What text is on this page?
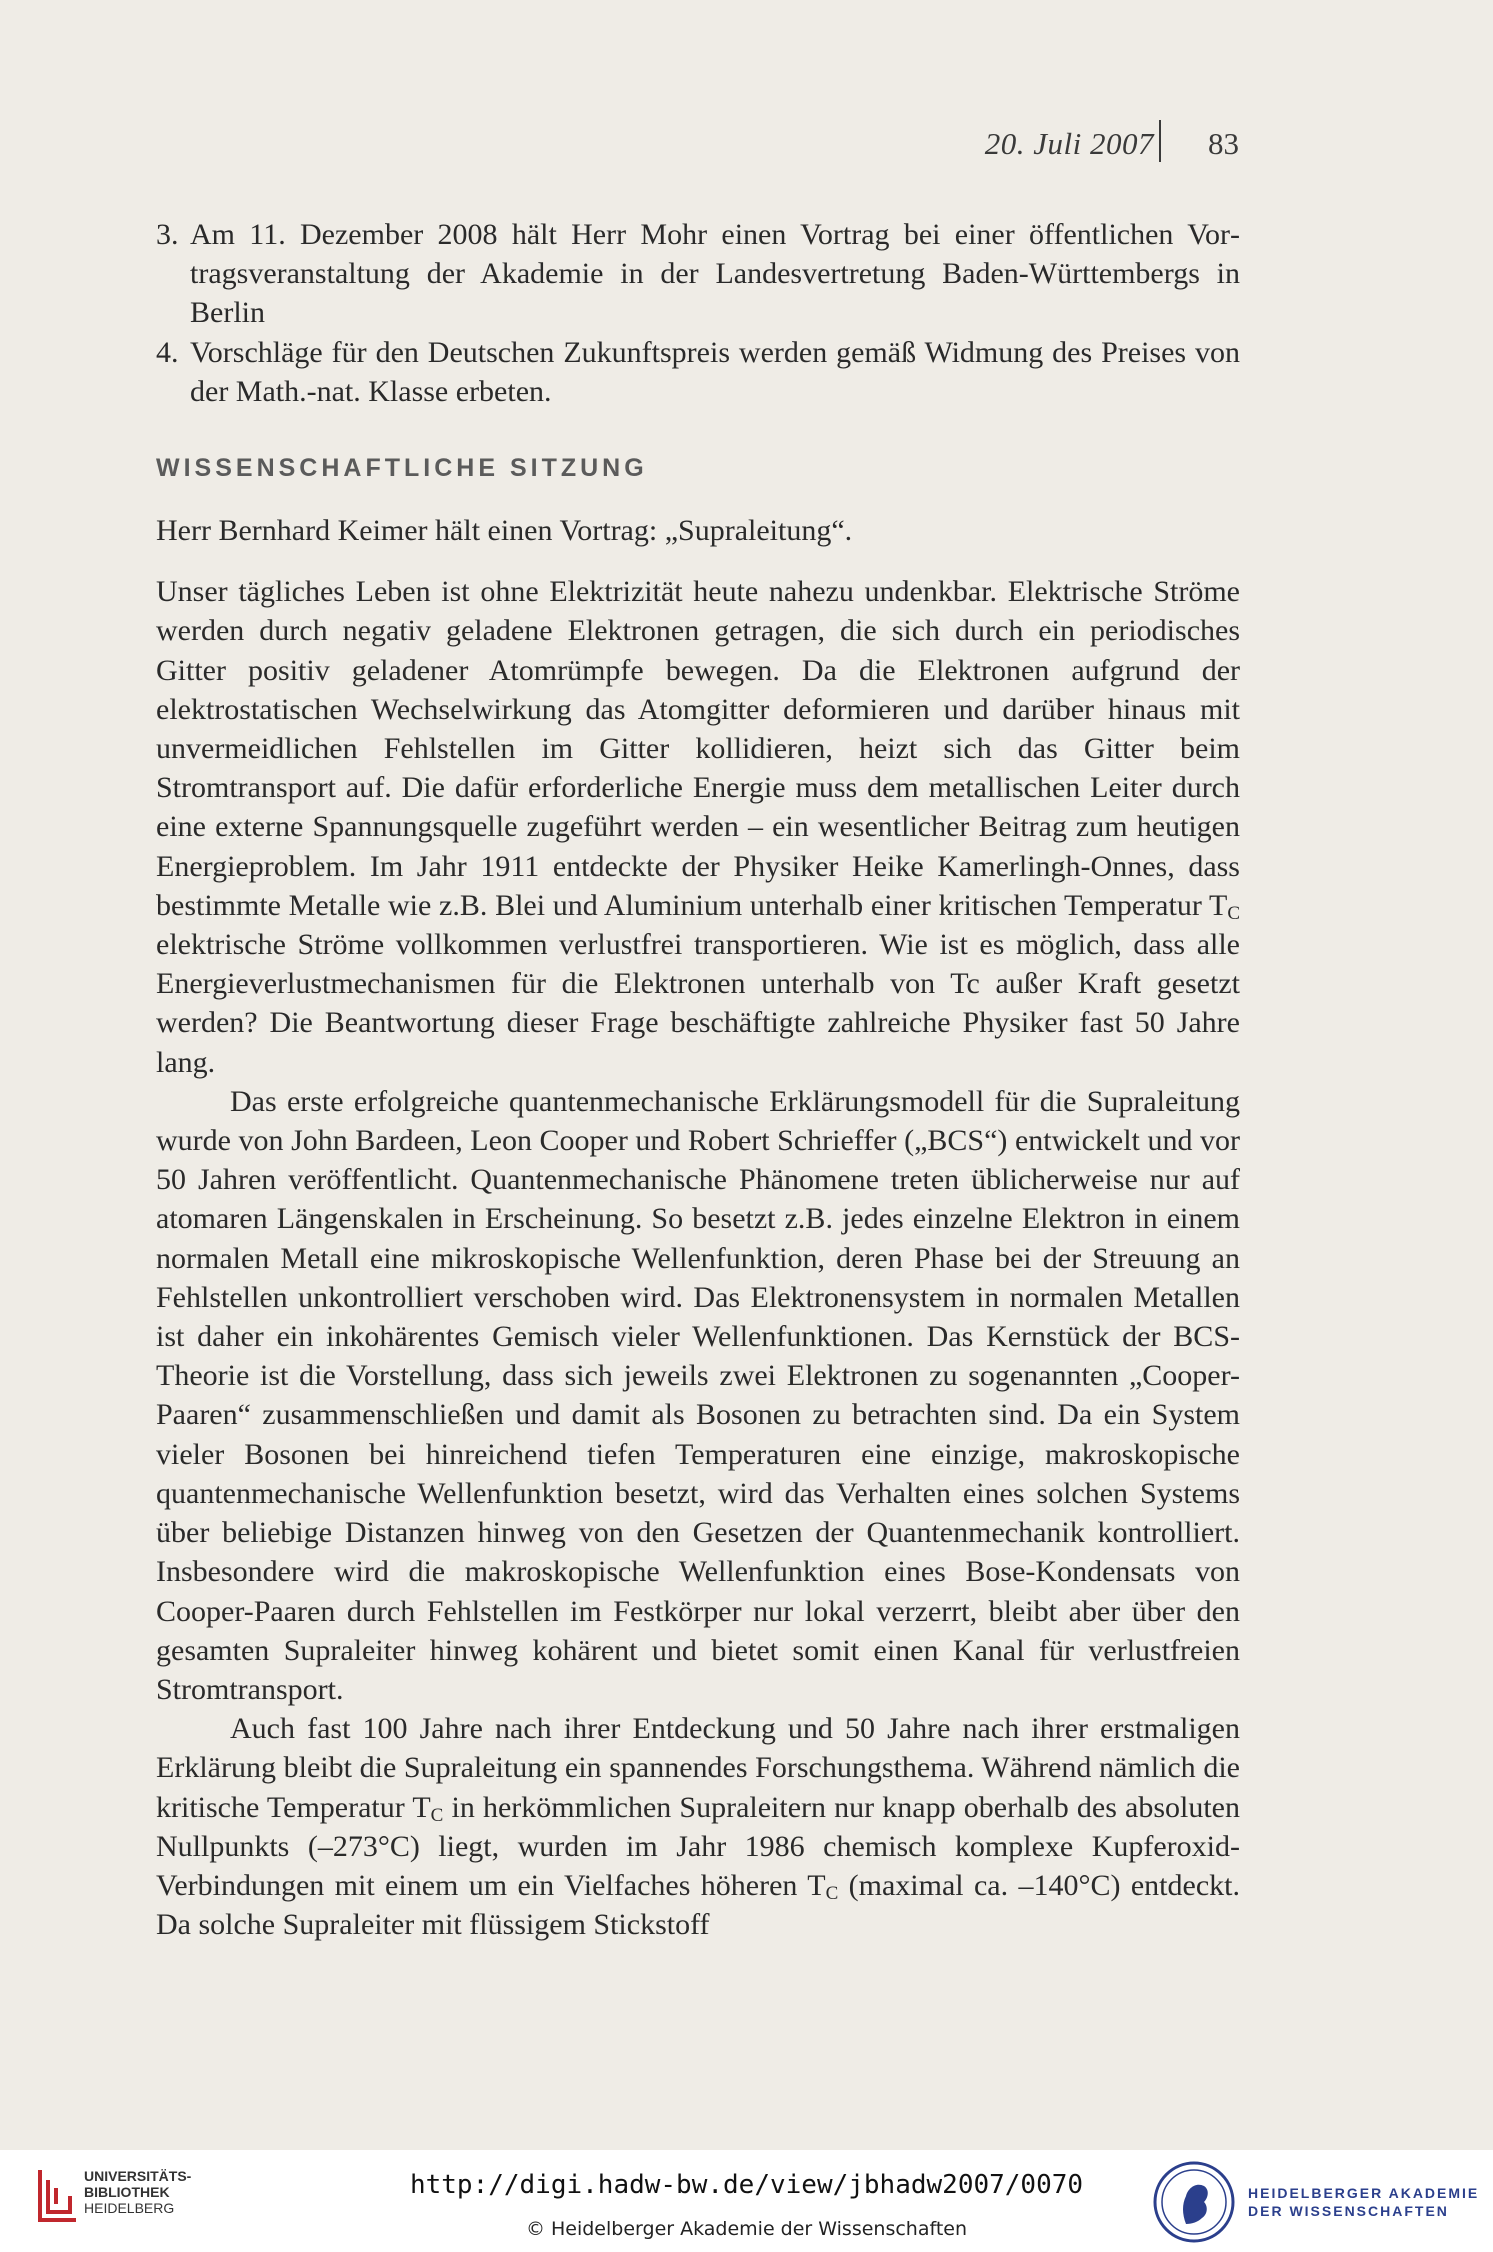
20. Juli 2007 83
3. Am 11. Dezember 2008 hält Herr Mohr einen Vortrag bei einer öffentlichen Vortragsveranstaltung der Akademie in der Landesvertretung Baden-Württembergs in Berlin
4. Vorschläge für den Deutschen Zukunftspreis werden gemäß Widmung des Preises von der Math.-nat. Klasse erbeten.
WISSENSCHAFTLICHE SITZUNG
Herr Bernhard Keimer hält einen Vortrag: „Supraleitung“.

Unser tägliches Leben ist ohne Elektrizität heute nahezu undenkbar. Elektrische Ströme werden durch negativ geladene Elektronen getragen, die sich durch ein periodisches Gitter positiv geladener Atomrümpfe bewegen. Da die Elektronen aufgrund der elektrostatischen Wechselwirkung das Atomgitter deformieren und darüber hinaus mit unvermeidlichen Fehlstellen im Gitter kollidieren, heizt sich das Gitter beim Stromtransport auf. Die dafür erforderliche Energie muss dem metallischen Leiter durch eine externe Spannungsquelle zugeführt werden – ein wesentlicher Beitrag zum heutigen Energieproblem. Im Jahr 1911 entdeckte der Physiker Heike Kamerlingh-Onnes, dass bestimmte Metalle wie z.B. Blei und Aluminium unterhalb einer kritischen Temperatur $T_C$ elektrische Ströme vollkommen verlustfrei transportieren. Wie ist es möglich, dass alle Energieverlustmechanismen für die Elektronen unterhalb von Tc außer Kraft gesetzt werden? Die Beantwortung dieser Frage beschäftigte zahlreiche Physiker fast 50 Jahre lang.

Das erste erfolgreiche quantenmechanische Erklärungsmodell für die Supraleitung wurde von John Bardeen, Leon Cooper und Robert Schrieffer („BCS“) entwickelt und vor 50 Jahren veröffentlicht. Quantenmechanische Phänomene treten üblicherweise nur auf atomaren Längenskalen in Erscheinung. So besetzt z.B. jedes einzelne Elektron in einem normalen Metall eine mikroskopische Wellenfunktion, deren Phase bei der Streuung an Fehlstellen unkontrolliert verschoben wird. Das Elektronensystem in normalen Metallen ist daher ein inkohärentes Gemisch vieler Wellenfunktionen. Das Kernstück der BCS-Theorie ist die Vorstellung, dass sich jeweils zwei Elektronen zu sogenannten „Cooper-Paaren“ zusammenschließen und damit als Bosonen zu betrachten sind. Da ein System vieler Bosonen bei hinreichend tiefen Temperaturen eine einzige, makroskopische quantenmechanische Wellenfunktion besetzt, wird das Verhalten eines solchen Systems über beliebige Distanzen hinweg von den Gesetzen der Quantenmechanik kontrolliert. Insbesondere wird die makroskopische Wellenfunktion eines Bose-Kondensats von Cooper-Paaren durch Fehlstellen im Festkörper nur lokal verzerrt, bleibt aber über den gesamten Supraleiter hinweg kohärent und bietet somit einen Kanal für verlustfreien Stromtransport.

Auch fast 100 Jahre nach ihrer Entdeckung und 50 Jahre nach ihrer erstmaligen Erklärung bleibt die Supraleitung ein spannendes Forschungsthema. Während nämlich die kritische Temperatur $T_C$ in herkömmlichen Supraleitern nur knapp oberhalb des absoluten Nullpunkts (–273°C) liegt, wurden im Jahr 1986 chemisch komplexe Kupferoxid-Verbindungen mit einem um ein Vielfaches höheren $T_C$ (maximal ca. –140°C) entdeckt. Da solche Supraleiter mit flüssigem Stickstoff

UNIVERSITÄTS-
BIBLIOTHEK
HEIDELBERG
http://digi.hadw-bw.de/view/jbhadw2007/0070
© Heidelberger Akademie der Wissenschaften
HEIDELBERGER AKADEMIE
DER WISSENSCHAFTEN
